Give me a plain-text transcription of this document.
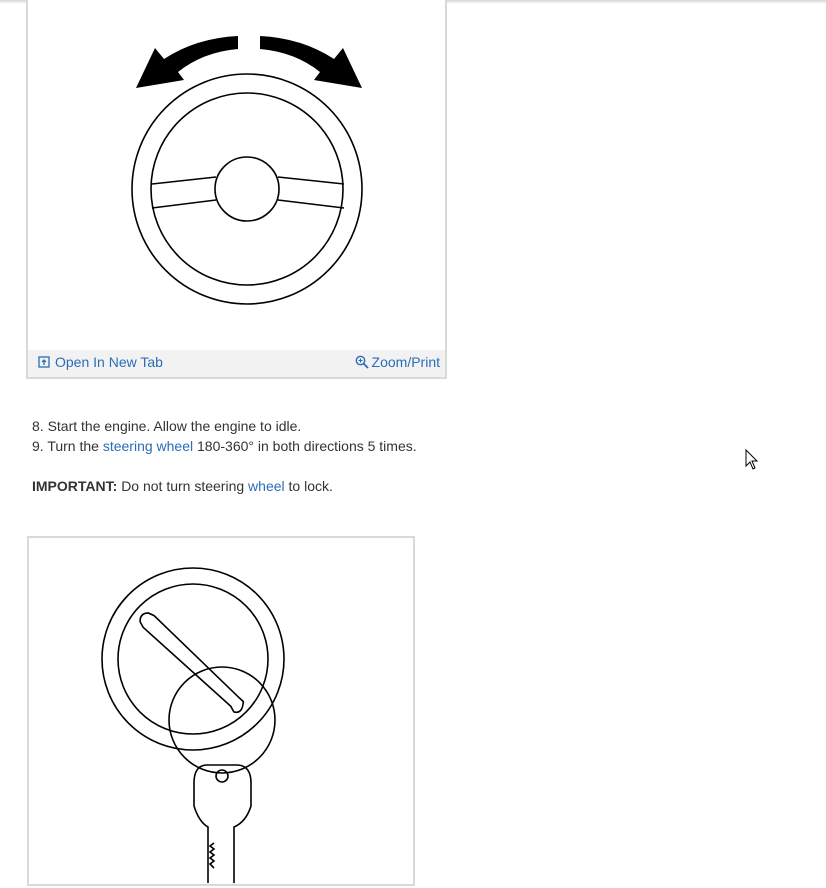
Open In New Tab	Zoom/Print

8. Start the engine. Allow the engine to idle.

9. Turn the steering wheel 180-360° in both directions 5 times.

IMPORTANT: Do not turn steering wheel to lock.
